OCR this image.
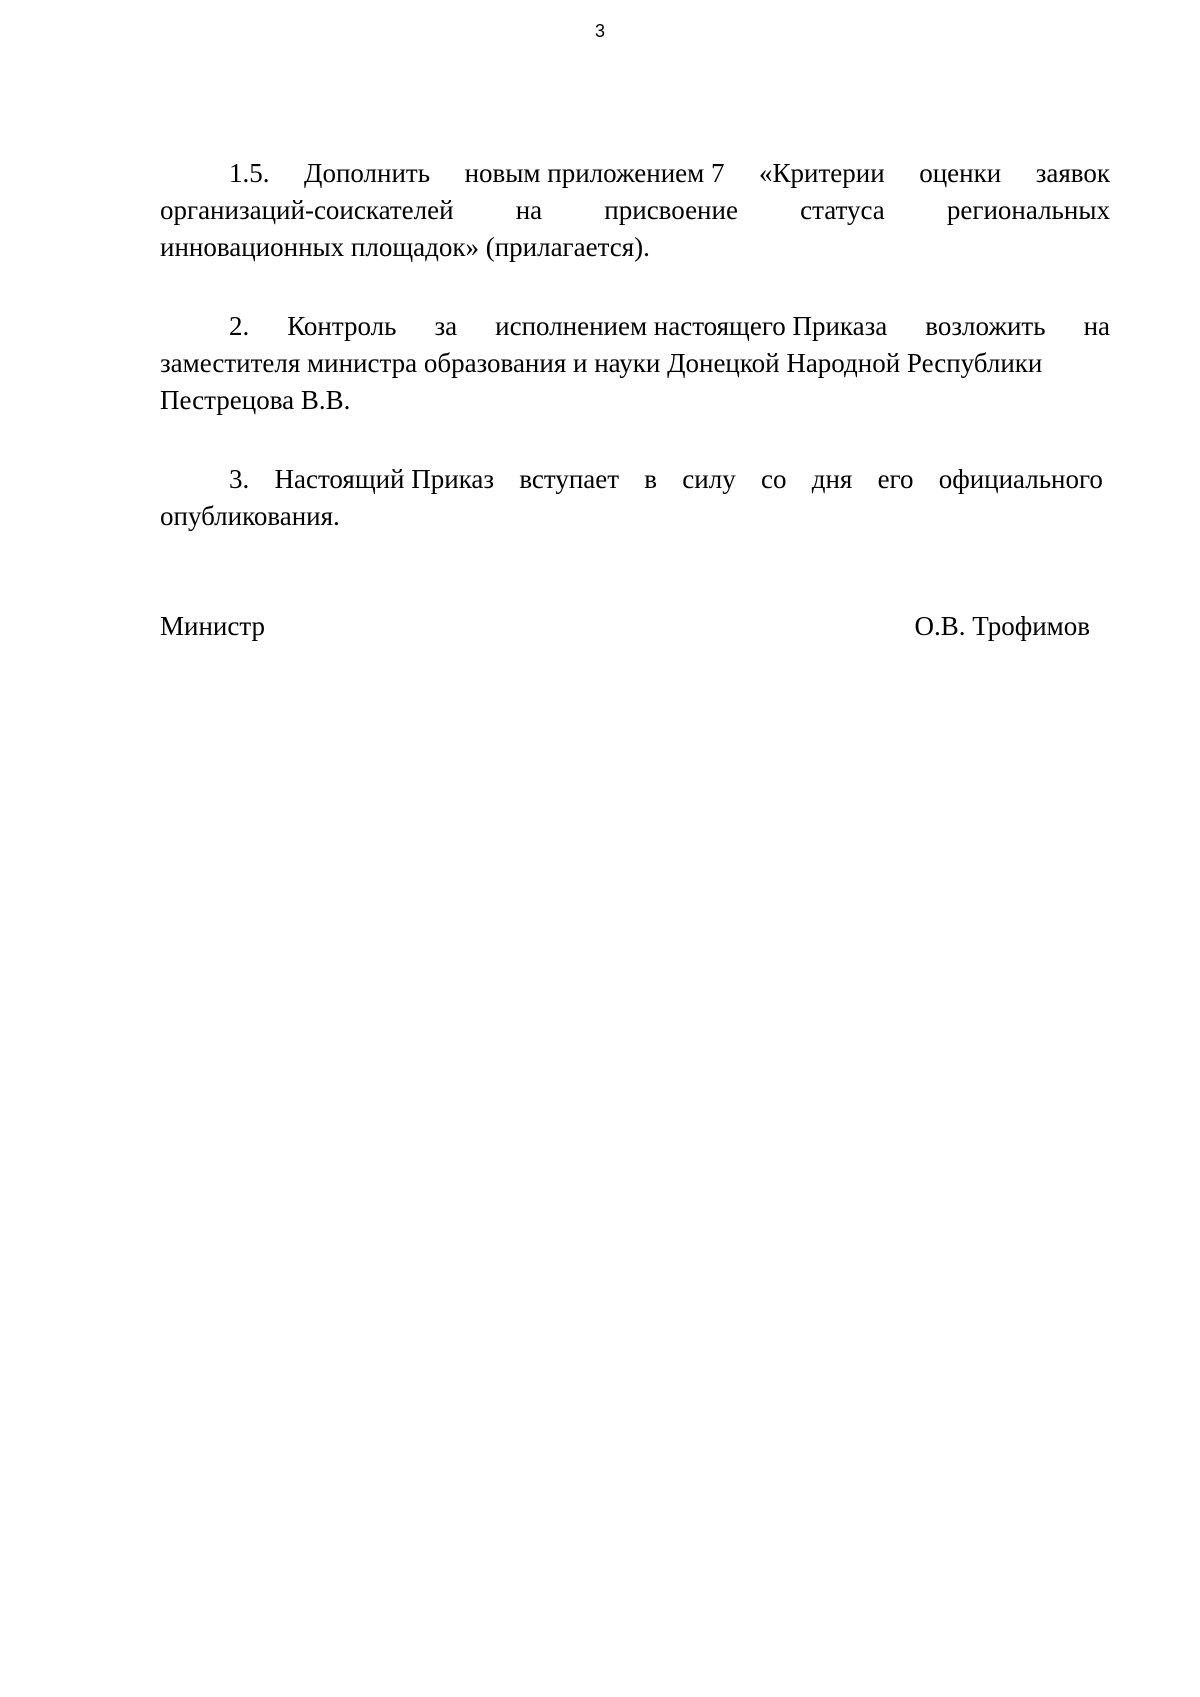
3
1.5. Дополнить новым приложением 7 «Критерии оценки заявок
организаций-соискателей на присвоение статуса региональных
инновационных площадок» (прилагается).
2. Контроль за исполнением настоящего Приказа возложить на
заместителя министра образования и науки Донецкой Народной Республики
Пестрецова В.В.
3. Настоящий Приказ вступает в силу со дня его официального
опубликования.
Министр	О.В. Трофимов
